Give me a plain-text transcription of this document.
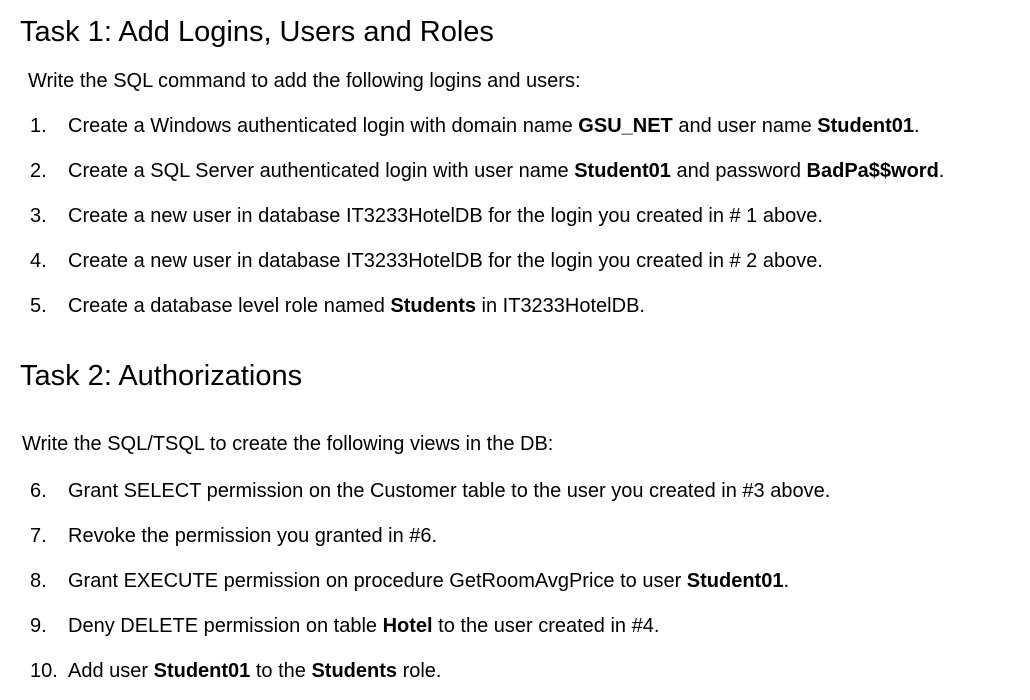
Task 1: Add Logins, Users and Roles

Write the SQL command to add the following logins and users:

1. Create a Windows authenticated login with domain name GSU_NET and user name Student01.
2. Create a SQL Server authenticated login with user name Student01 and password BadPa$$word.
3. Create a new user in database IT3233HotelDB for the login you created in # 1 above.
4. Create a new user in database IT3233HotelDB for the login you created in # 2 above.
5. Create a database level role named Students in IT3233HotelDB.
Task 2: Authorizations

Write the SQL/TSQL to create the following views in the DB:

6. Grant SELECT permission on the Customer table to the user you created in #3 above.
7. Revoke the permission you granted in #6.
8. Grant EXECUTE permission on procedure GetRoomAvgPrice to user Student01.
9. Deny DELETE permission on table Hotel to the user created in #4.
10. Add user Student01 to the Students role.
